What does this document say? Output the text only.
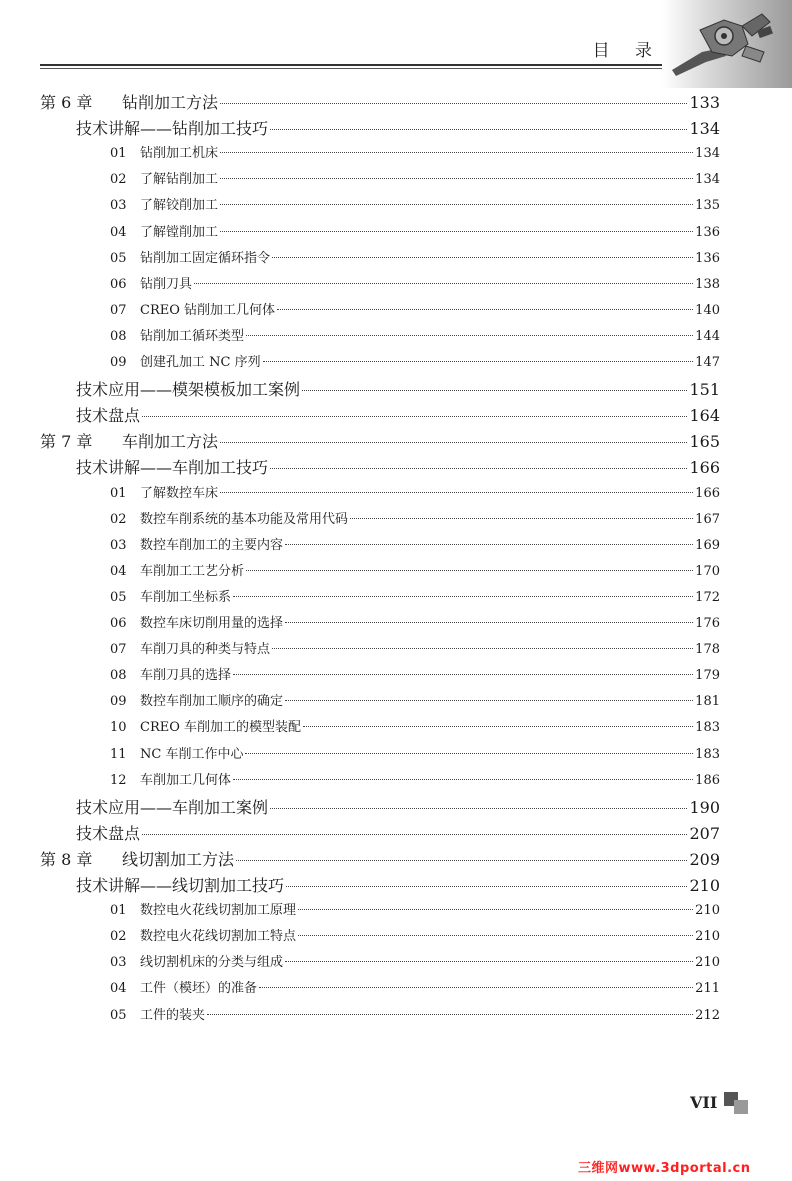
目 录
第 6 章	钻削加工方法	133
技术讲解——钻削加工技巧	134
01	钻削加工机床	134
02	了解钻削加工	134
03	了解铰削加工	135
04	了解镗削加工	136
05	钻削加工固定循环指令	136
06	钻削刀具	138
07	CREO 钻削加工几何体	140
08	钻削加工循环类型	144
09	创建孔加工 NC 序列	147
技术应用——模架模板加工案例	151
技术盘点	164
第 7 章	车削加工方法	165
技术讲解——车削加工技巧	166
01	了解数控车床	166
02	数控车削系统的基本功能及常用代码	167
03	数控车削加工的主要内容	169
04	车削加工工艺分析	170
05	车削加工坐标系	172
06	数控车床切削用量的选择	176
07	车削刀具的种类与特点	178
08	车削刀具的选择	179
09	数控车削加工顺序的确定	181
10	CREO 车削加工的模型装配	183
11	NC 车削工作中心	183
12	车削加工几何体	186
技术应用——车削加工案例	190
技术盘点	207
第 8 章	线切割加工方法	209
技术讲解——线切割加工技巧	210
01	数控电火花线切割加工原理	210
02	数控电火花线切割加工特点	210
03	线切割机床的分类与组成	210
04	工件（模坯）的准备	211
05	工件的装夹	212
VII
三维网www.3dportal.cn
